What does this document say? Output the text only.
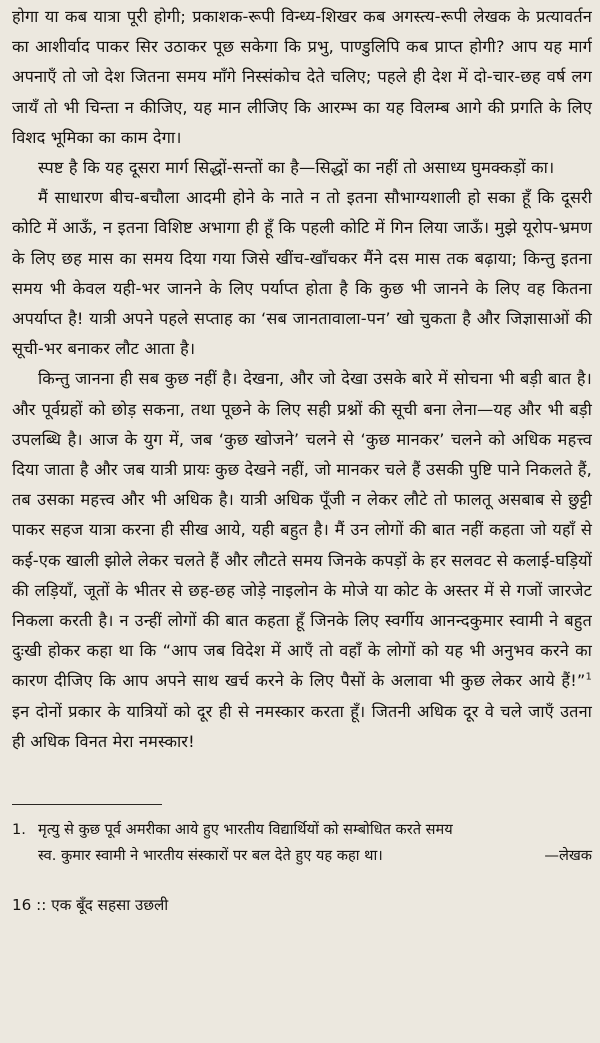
होगा या कब यात्रा पूरी होगी; प्रकाशक-रूपी विन्ध्य-शिखर कब अगस्त्य-रूपी लेखक के प्रत्यावर्तन का आशीर्वाद पाकर सिर उठाकर पूछ सकेगा कि प्रभु, पाण्डुलिपि कब प्राप्त होगी? आप यह मार्ग अपनाएँ तो जो देश जितना समय माँगे निस्संकोच देते चलिए; पहले ही देश में दो-चार-छह वर्ष लग जायँ तो भी चिन्ता न कीजिए, यह मान लीजिए कि आरम्भ का यह विलम्ब आगे की प्रगति के लिए विशद भूमिका का काम देगा।

स्पष्ट है कि यह दूसरा मार्ग सिद्धों-सन्तों का है—सिद्धों का नहीं तो असाध्य घुमक्कड़ों का।

मैं साधारण बीच-बचौला आदमी होने के नाते न तो इतना सौभाग्यशाली हो सका हूँ कि दूसरी कोटि में आऊँ, न इतना विशिष्ट अभागा ही हूँ कि पहली कोटि में गिन लिया जाऊँ। मुझे यूरोप-भ्रमण के लिए छह मास का समय दिया गया जिसे खींच-खाँचकर मैंने दस मास तक बढ़ाया; किन्तु इतना समय भी केवल यही-भर जानने के लिए पर्याप्त होता है कि कुछ भी जानने के लिए वह कितना अपर्याप्त है! यात्री अपने पहले सप्ताह का ‘सब जानतावाला-पन’ खो चुकता है और जिज्ञासाओं की सूची-भर बनाकर लौट आता है।

किन्तु जानना ही सब कुछ नहीं है। देखना, और जो देखा उसके बारे में सोचना भी बड़ी बात है। और पूर्वग्रहों को छोड़ सकना, तथा पूछने के लिए सही प्रश्नों की सूची बना लेना—यह और भी बड़ी उपलब्धि है। आज के युग में, जब ‘कुछ खोजने’ चलने से ‘कुछ मानकर’ चलने को अधिक महत्त्व दिया जाता है और जब यात्री प्रायः कुछ देखने नहीं, जो मानकर चले हैं उसकी पुष्टि पाने निकलते हैं, तब उसका महत्त्व और भी अधिक है। यात्री अधिक पूँजी न लेकर लौटे तो फालतू असबाब से छुट्टी पाकर सहज यात्रा करना ही सीख आये, यही बहुत है। मैं उन लोगों की बात नहीं कहता जो यहाँ से कई-एक खाली झोले लेकर चलते हैं और लौटते समय जिनके कपड़ों के हर सलवट से कलाई-घड़ियों की लड़ियाँ, जूतों के भीतर से छह-छह जोड़े नाइलोन के मोजे या कोट के अस्तर में से गजों जारजेट निकला करती है। न उन्हीं लोगों की बात कहता हूँ जिनके लिए स्वर्गीय आनन्दकुमार स्वामी ने बहुत दुःखी होकर कहा था कि “आप जब विदेश में आएँ तो वहाँ के लोगों को यह भी अनुभव करने का कारण दीजिए कि आप अपने साथ खर्च करने के लिए पैसों के अलावा भी कुछ लेकर आये हैं!”$^1$ इन दोनों प्रकार के यात्रियों को दूर ही से नमस्कार करता हूँ। जितनी अधिक दूर वे चले जाएँ उतना ही अधिक विनत मेरा नमस्कार!

1. मृत्यु से कुछ पूर्व अमरीका आये हुए भारतीय विद्यार्थियों को सम्बोधित करते समय
स्व. कुमार स्वामी ने भारतीय संस्कारों पर बल देते हुए यह कहा था।	—लेखक
16 :: एक बूँद सहसा उछली
